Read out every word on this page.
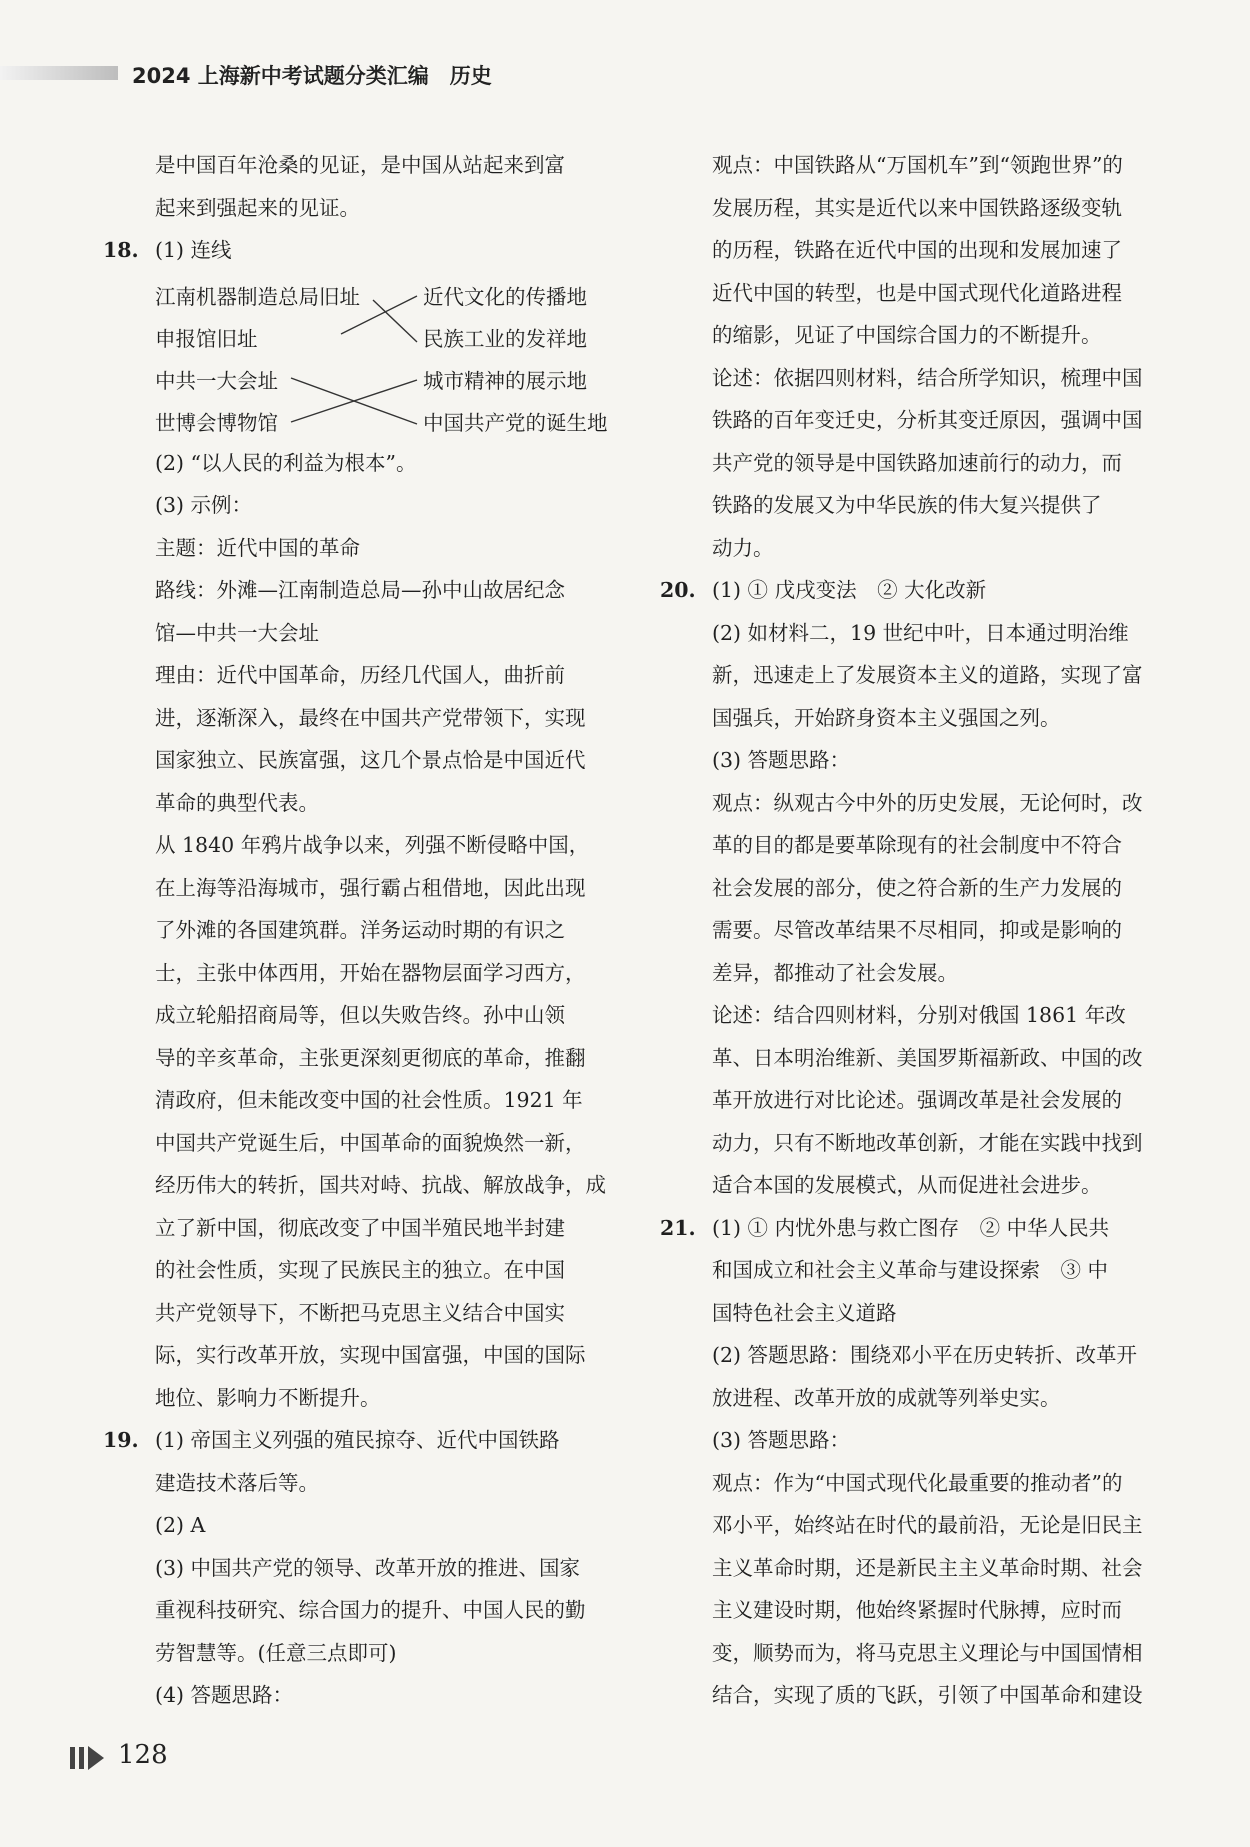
2024 上海新中考试题分类汇编　历史
是中国百年沧桑的见证，是中国从站起来到富
起来到强起来的见证。
18. (1) 连线
江南机器制造总局旧址
申报馆旧址
中共一大会址
世博会博物馆
近代文化的传播地
民族工业的发祥地
城市精神的展示地
中国共产党的诞生地
(2) “以人民的利益为根本”。
(3) 示例：
主题：近代中国的革命
路线：外滩—江南制造总局—孙中山故居纪念
馆—中共一大会址
理由：近代中国革命，历经几代国人，曲折前
进，逐渐深入，最终在中国共产党带领下，实现
国家独立、民族富强，这几个景点恰是中国近代
革命的典型代表。
从 1840 年鸦片战争以来，列强不断侵略中国，
在上海等沿海城市，强行霸占租借地，因此出现
了外滩的各国建筑群。洋务运动时期的有识之
士，主张中体西用，开始在器物层面学习西方，
成立轮船招商局等，但以失败告终。孙中山领
导的辛亥革命，主张更深刻更彻底的革命，推翻
清政府，但未能改变中国的社会性质。1921 年
中国共产党诞生后，中国革命的面貌焕然一新，
经历伟大的转折，国共对峙、抗战、解放战争，成
立了新中国，彻底改变了中国半殖民地半封建
的社会性质，实现了民族民主的独立。在中国
共产党领导下，不断把马克思主义结合中国实
际，实行改革开放，实现中国富强，中国的国际
地位、影响力不断提升。
19. (1) 帝国主义列强的殖民掠夺、近代中国铁路
建造技术落后等。
(2) A
(3) 中国共产党的领导、改革开放的推进、国家
重视科技研究、综合国力的提升、中国人民的勤
劳智慧等。(任意三点即可)
(4) 答题思路：
观点：中国铁路从“万国机车”到“领跑世界”的
发展历程，其实是近代以来中国铁路逐级变轨
的历程，铁路在近代中国的出现和发展加速了
近代中国的转型，也是中国式现代化道路进程
的缩影，见证了中国综合国力的不断提升。
论述：依据四则材料，结合所学知识，梳理中国
铁路的百年变迁史，分析其变迁原因，强调中国
共产党的领导是中国铁路加速前行的动力，而
铁路的发展又为中华民族的伟大复兴提供了
动力。
20. (1) ① 戊戌变法　② 大化改新
(2) 如材料二，19 世纪中叶，日本通过明治维
新，迅速走上了发展资本主义的道路，实现了富
国强兵，开始跻身资本主义强国之列。
(3) 答题思路：
观点：纵观古今中外的历史发展，无论何时，改
革的目的都是要革除现有的社会制度中不符合
社会发展的部分，使之符合新的生产力发展的
需要。尽管改革结果不尽相同，抑或是影响的
差异，都推动了社会发展。
论述：结合四则材料，分别对俄国 1861 年改
革、日本明治维新、美国罗斯福新政、中国的改
革开放进行对比论述。强调改革是社会发展的
动力，只有不断地改革创新，才能在实践中找到
适合本国的发展模式，从而促进社会进步。
21. (1) ① 内忧外患与救亡图存　② 中华人民共
和国成立和社会主义革命与建设探索　③ 中
国特色社会主义道路
(2) 答题思路：围绕邓小平在历史转折、改革开
放进程、改革开放的成就等列举史实。
(3) 答题思路：
观点：作为“中国式现代化最重要的推动者”的
邓小平，始终站在时代的最前沿，无论是旧民主
主义革命时期，还是新民主主义革命时期、社会
主义建设时期，他始终紧握时代脉搏，应时而
变，顺势而为，将马克思主义理论与中国国情相
结合，实现了质的飞跃，引领了中国革命和建设
128
